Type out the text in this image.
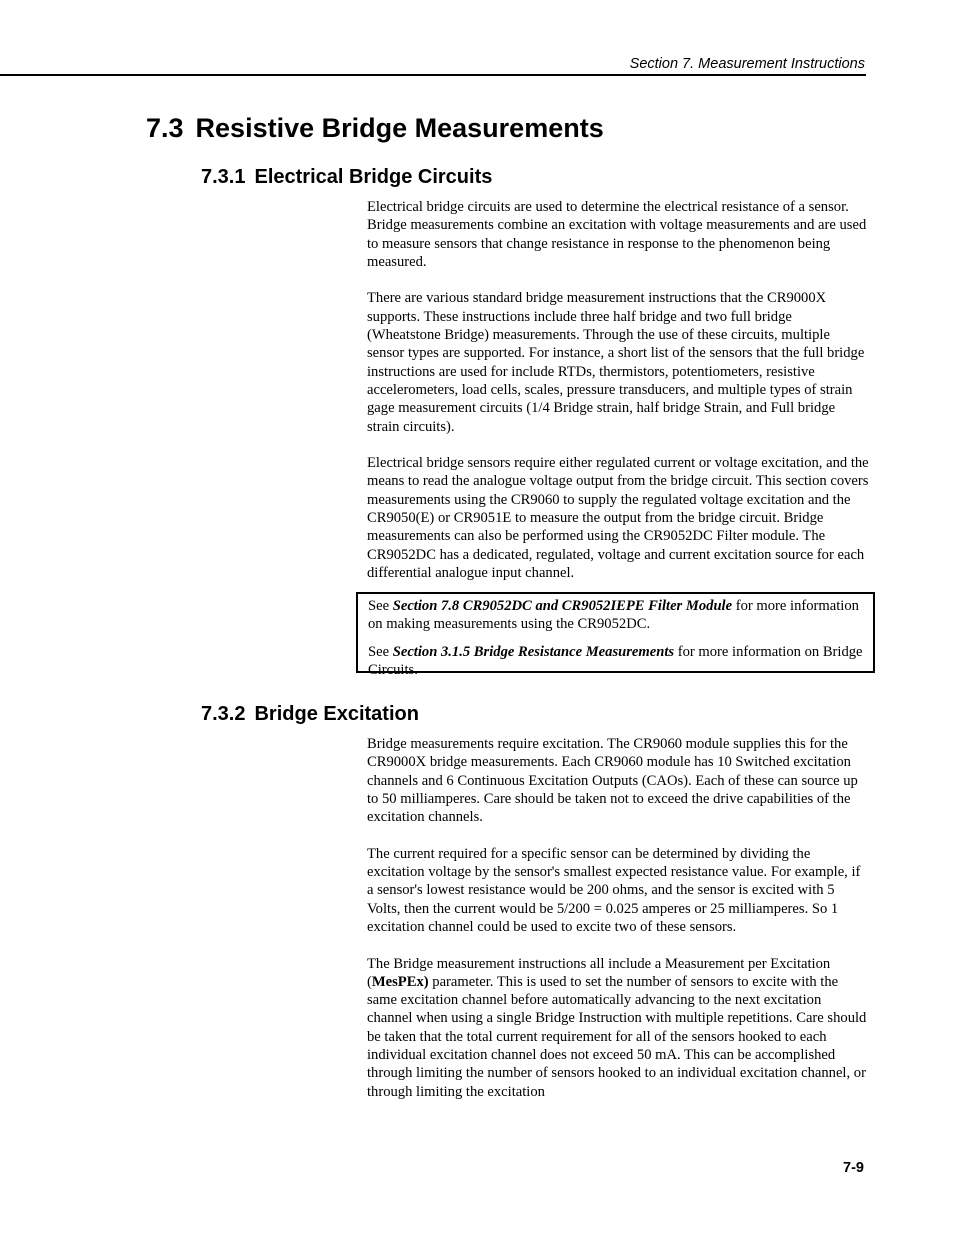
Section 7. Measurement Instructions
7.3 Resistive Bridge Measurements
7.3.1 Electrical Bridge Circuits

Electrical bridge circuits are used to determine the electrical resistance of a sensor. Bridge measurements combine an excitation with voltage measurements and are used to measure sensors that change resistance in response to the phenomenon being measured.

There are various standard bridge measurement instructions that the CR9000X supports. These instructions include three half bridge and two full bridge (Wheatstone Bridge) measurements. Through the use of these circuits, multiple sensor types are supported. For instance, a short list of the sensors that the full bridge instructions are used for include RTDs, thermistors, potentiometers, resistive accelerometers, load cells, scales, pressure transducers, and multiple types of strain gage measurement circuits (1/4 Bridge strain, half bridge Strain, and Full bridge strain circuits).

Electrical bridge sensors require either regulated current or voltage excitation, and the means to read the analogue voltage output from the bridge circuit. This section covers measurements using the CR9060 to supply the regulated voltage excitation and the CR9050(E) or CR9051E to measure the output from the bridge circuit. Bridge measurements can also be performed using the CR9052DC Filter module. The CR9052DC has a dedicated, regulated, voltage and current excitation source for each differential analogue input channel.

See Section 7.8 CR9052DC and CR9052IEPE Filter Module for more information on making measurements using the CR9052DC.

See Section 3.1.5 Bridge Resistance Measurements for more information on Bridge Circuits.

7.3.2 Bridge Excitation

Bridge measurements require excitation. The CR9060 module supplies this for the CR9000X bridge measurements. Each CR9060 module has 10 Switched excitation channels and 6 Continuous Excitation Outputs (CAOs). Each of these can source up to 50 milliamperes. Care should be taken not to exceed the drive capabilities of the excitation channels.

The current required for a specific sensor can be determined by dividing the excitation voltage by the sensor's smallest expected resistance value. For example, if a sensor's lowest resistance would be 200 ohms, and the sensor is excited with 5 Volts, then the current would be 5/200 = 0.025 amperes or 25 milliamperes. So 1 excitation channel could be used to excite two of these sensors.

The Bridge measurement instructions all include a Measurement per Excitation (MesPEx) parameter. This is used to set the number of sensors to excite with the same excitation channel before automatically advancing to the next excitation channel when using a single Bridge Instruction with multiple repetitions. Care should be taken that the total current requirement for all of the sensors hooked to each individual excitation channel does not exceed 50 mA. This can be accomplished through limiting the number of sensors hooked to an individual excitation channel, or through limiting the excitation

7-9
